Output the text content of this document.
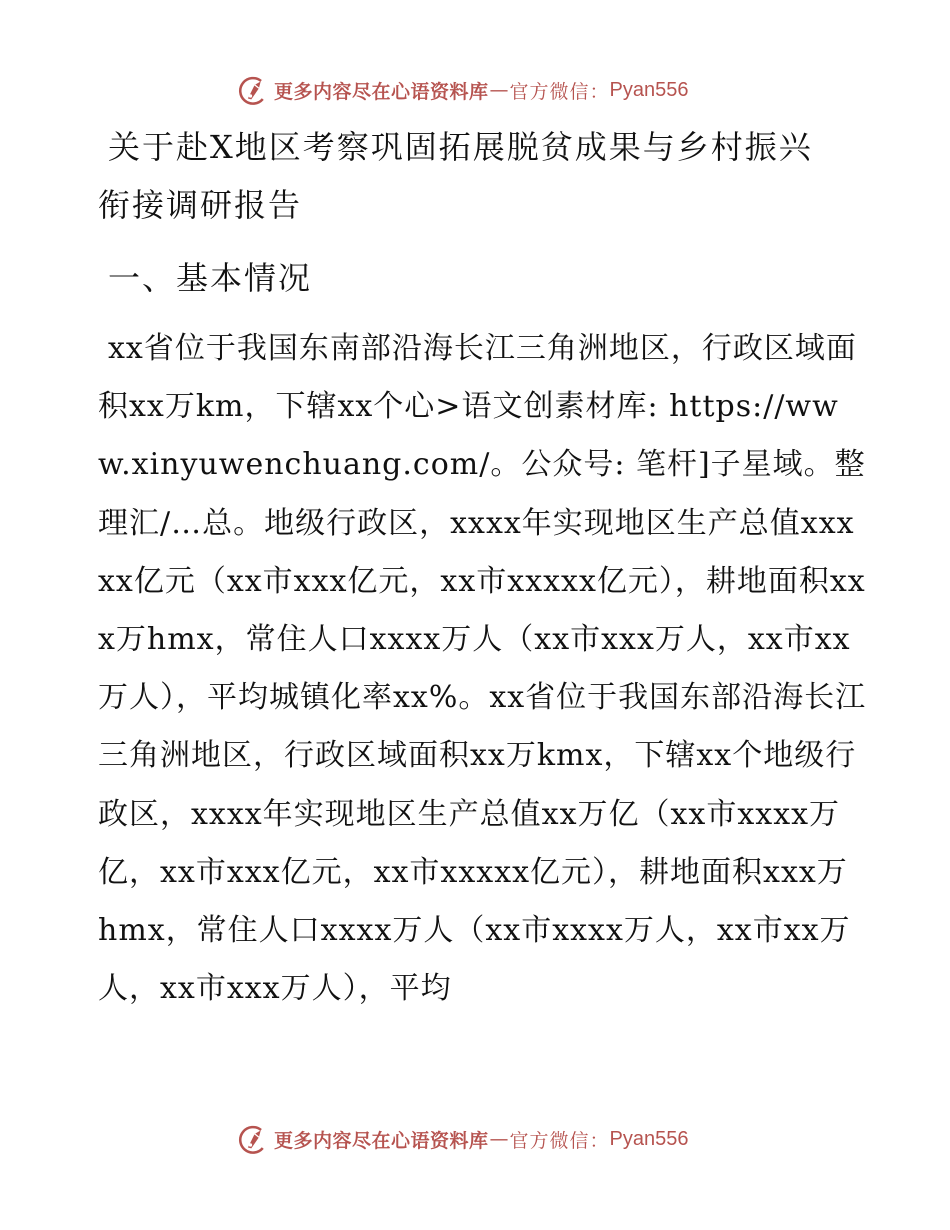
更多内容尽在心语资料库 — 官方微信： Pyan556
关于赴X地区考察巩固拓展脱贫成果与乡村振兴
衔接调研报告
一、基本情况

xx省位于我国东南部沿海长江三角洲地区，行政区域面积xx万km，下辖xx个心>语文创素材库: https://www.xinyuwenchuang.com/。公众号: 笔杆]子星域。整理汇/…总。地级行政区，xxxx年实现地区生产总值xxxxx亿元（xx市xxx亿元，xx市xxxxx亿元），耕地面积xxx万hmx，常住人口xxxx万人（xx市xxx万人，xx市xx万人），平均城镇化率xx%。xx省位于我国东部沿海长江三角洲地区，行政区域面积xx万kmx，下辖xx个地级行政区，xxxx年实现地区生产总值xx万亿（xx市xxxx万亿，xx市xxx亿元，xx市xxxxx亿元），耕地面积xxx万hmx，常住人口xxxx万人（xx市xxxx万人，xx市xx万人，xx市xxx万人），平均

更多内容尽在心语资料库 — 官方微信： Pyan556
